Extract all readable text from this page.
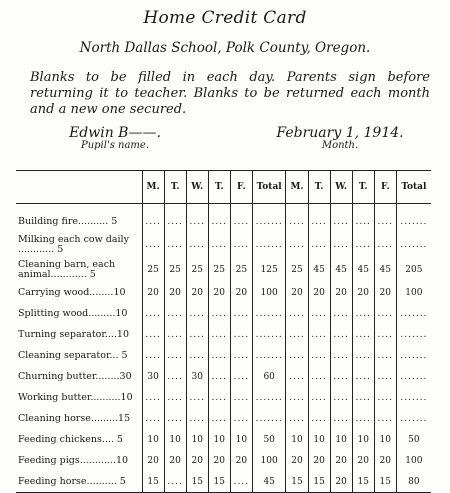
Home Credit Card
North Dallas School, Polk County, Oregon.
Blanks to be filled in each day. Parents sign before returning it to teacher. Blanks to be returned each month and a new one secured.
Edwin B——.
Pupil's name.
February 1, 1914.
Month.
	M.	T.	W.	T.	F.	Total	M.	T.	W.	T.	F.	Total

Building fire.......... 5	....	....	....	....	....	.......	....	....	....	....	....	.......
Milking each cow daily ............ 5	....	....	....	....	....	.......	....	....	....	....	....	.......
Cleaning barn, each animal............ 5	25	25	25	25	25	125	25	45	45	45	45	205
Carrying wood........10	20	20	20	20	20	100	20	20	20	20	20	100
Splitting wood.........10	....	....	....	....	....	.......	....	....	....	....	....	.......
Turning separator....10	....	....	....	....	....	.......	....	....	....	....	....	.......
Cleaning separator... 5	....	....	....	....	....	.......	....	....	....	....	....	.......
Churning butter........30	30	....	30	....	....	60	....	....	....	....	....	.......
Working butter..........10	....	....	....	....	....	.......	....	....	....	....	....	.......
Cleaning horse.........15	....	....	....	....	....	.......	....	....	....	....	....	.......
Feeding chickens.... 5	10	10	10	10	10	50	10	10	10	10	10	50
Feeding pigs............10	20	20	20	20	20	100	20	20	20	20	20	100
Feeding horse.......... 5	15	....	15	15	....	45	15	15	20	15	15	80
